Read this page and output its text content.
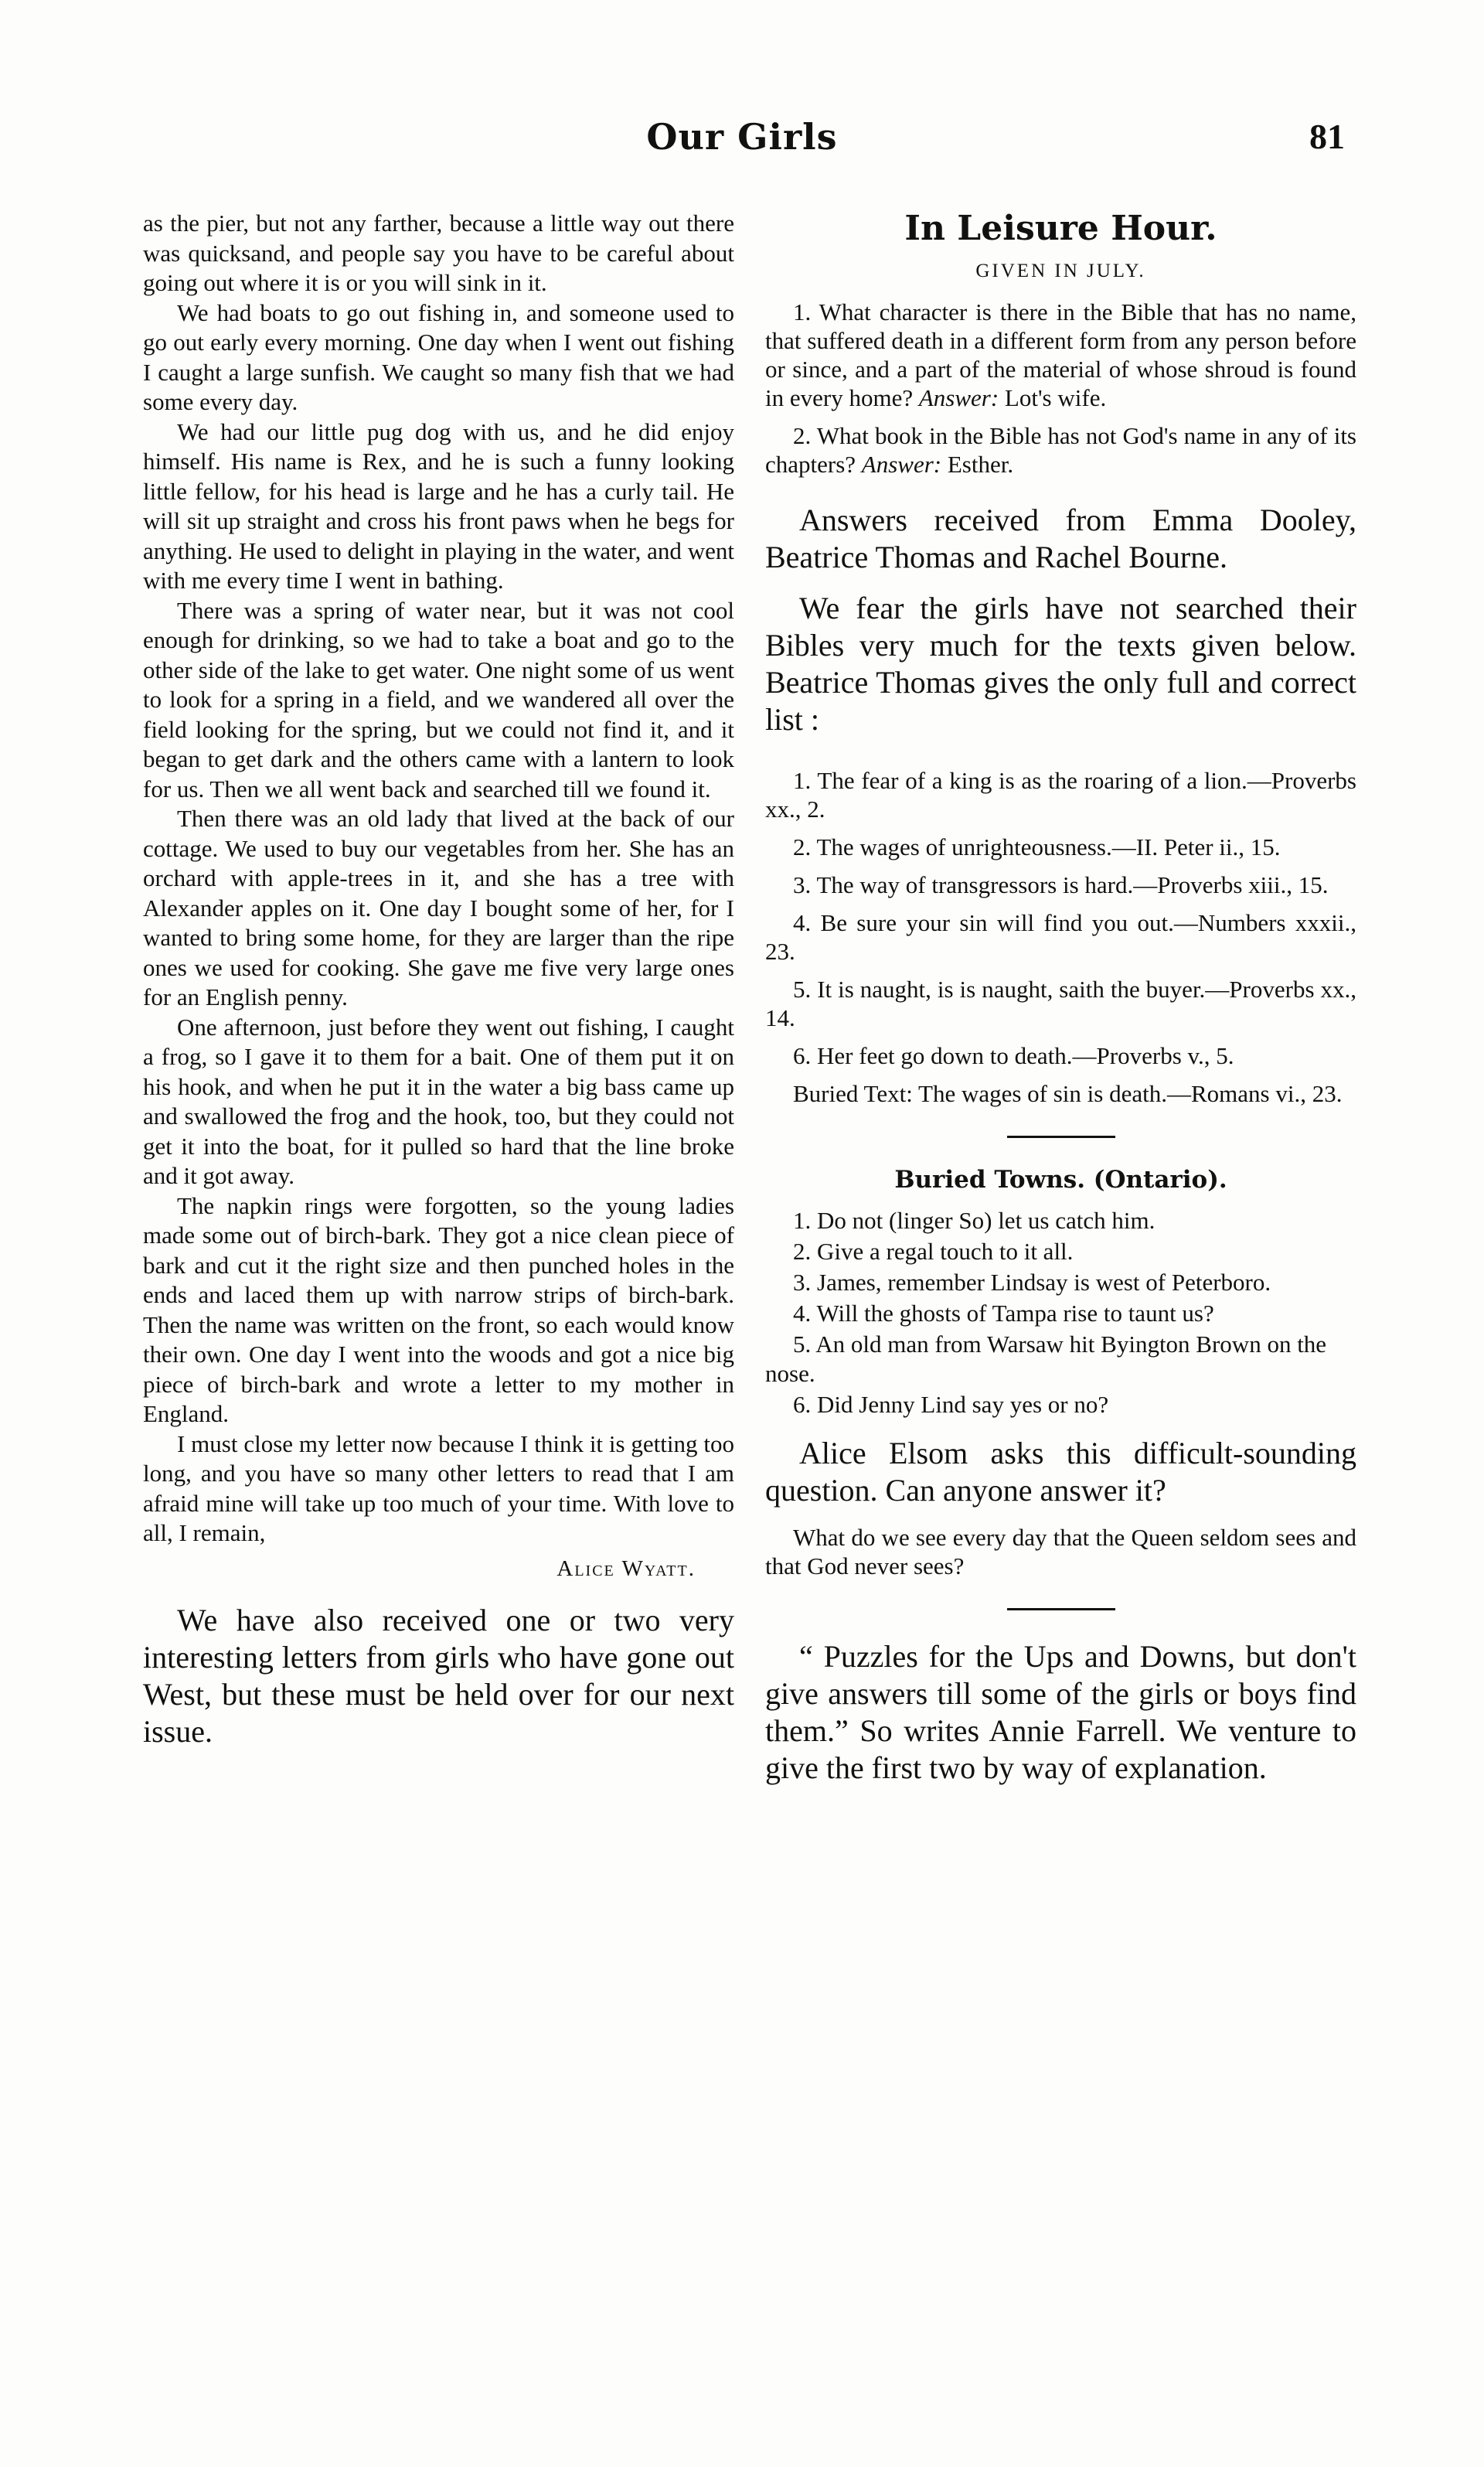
Our Girls	81

as the pier, but not any farther, because a little way out there was quicksand, and people say you have to be careful about going out where it is or you will sink in it.

We had boats to go out fishing in, and someone used to go out early every morning. One day when I went out fishing I caught a large sunfish. We caught so many fish that we had some every day.

We had our little pug dog with us, and he did enjoy himself. His name is Rex, and he is such a funny looking little fellow, for his head is large and he has a curly tail. He will sit up straight and cross his front paws when he begs for anything. He used to delight in playing in the water, and went with me every time I went in bathing.

There was a spring of water near, but it was not cool enough for drinking, so we had to take a boat and go to the other side of the lake to get water. One night some of us went to look for a spring in a field, and we wandered all over the field looking for the spring, but we could not find it, and it began to get dark and the others came with a lantern to look for us. Then we all went back and searched till we found it.

Then there was an old lady that lived at the back of our cottage. We used to buy our vegetables from her. She has an orchard with apple-trees in it, and she has a tree with Alexander apples on it. One day I bought some of her, for I wanted to bring some home, for they are larger than the ripe ones we used for cooking. She gave me five very large ones for an English penny.

One afternoon, just before they went out fishing, I caught a frog, so I gave it to them for a bait. One of them put it on his hook, and when he put it in the water a big bass came up and swallowed the frog and the hook, too, but they could not get it into the boat, for it pulled so hard that the line broke and it got away.

The napkin rings were forgotten, so the young ladies made some out of birch-bark. They got a nice clean piece of bark and cut it the right size and then punched holes in the ends and laced them up with narrow strips of birch-bark. Then the name was written on the front, so each would know their own. One day I went into the woods and got a nice big piece of birch-bark and wrote a letter to my mother in England.

I must close my letter now because I think it is getting too long, and you have so many other letters to read that I am afraid mine will take up too much of your time. With love to all, I remain,

Alice Wyatt.

We have also received one or two very interesting letters from girls who have gone out West, but these must be held over for our next issue.

In Leisure Hour.
GIVEN IN JULY.

1. What character is there in the Bible that has no name, that suffered death in a different form from any person before or since, and a part of the material of whose shroud is found in every home? Answer: Lot's wife.

2. What book in the Bible has not God's name in any of its chapters? Answer: Esther.

Answers received from Emma Dooley, Beatrice Thomas and Rachel Bourne.

We fear the girls have not searched their Bibles very much for the texts given below. Beatrice Thomas gives the only full and correct list :

1. The fear of a king is as the roaring of a lion.—Proverbs xx., 2.

2. The wages of unrighteousness.—II. Peter ii., 15.

3. The way of transgressors is hard.—Proverbs xiii., 15.

4. Be sure your sin will find you out.—Numbers xxxii., 23.

5. It is naught, is is naught, saith the buyer.—Proverbs xx., 14.

6. Her feet go down to death.—Proverbs v., 5.

Buried Text: The wages of sin is death.—Romans vi., 23.

Buried Towns. (Ontario).

1. Do not (linger So) let us catch him.

2. Give a regal touch to it all.

3. James, remember Lindsay is west of Peterboro.

4. Will the ghosts of Tampa rise to taunt us?

5. An old man from Warsaw hit Byington Brown on the nose.

6. Did Jenny Lind say yes or no?

Alice Elsom asks this difficult-sounding question. Can anyone answer it?

What do we see every day that the Queen seldom sees and that God never sees?

“ Puzzles for the Ups and Downs, but don't give answers till some of the girls or boys find them.” So writes Annie Farrell. We venture to give the first two by way of explanation.
